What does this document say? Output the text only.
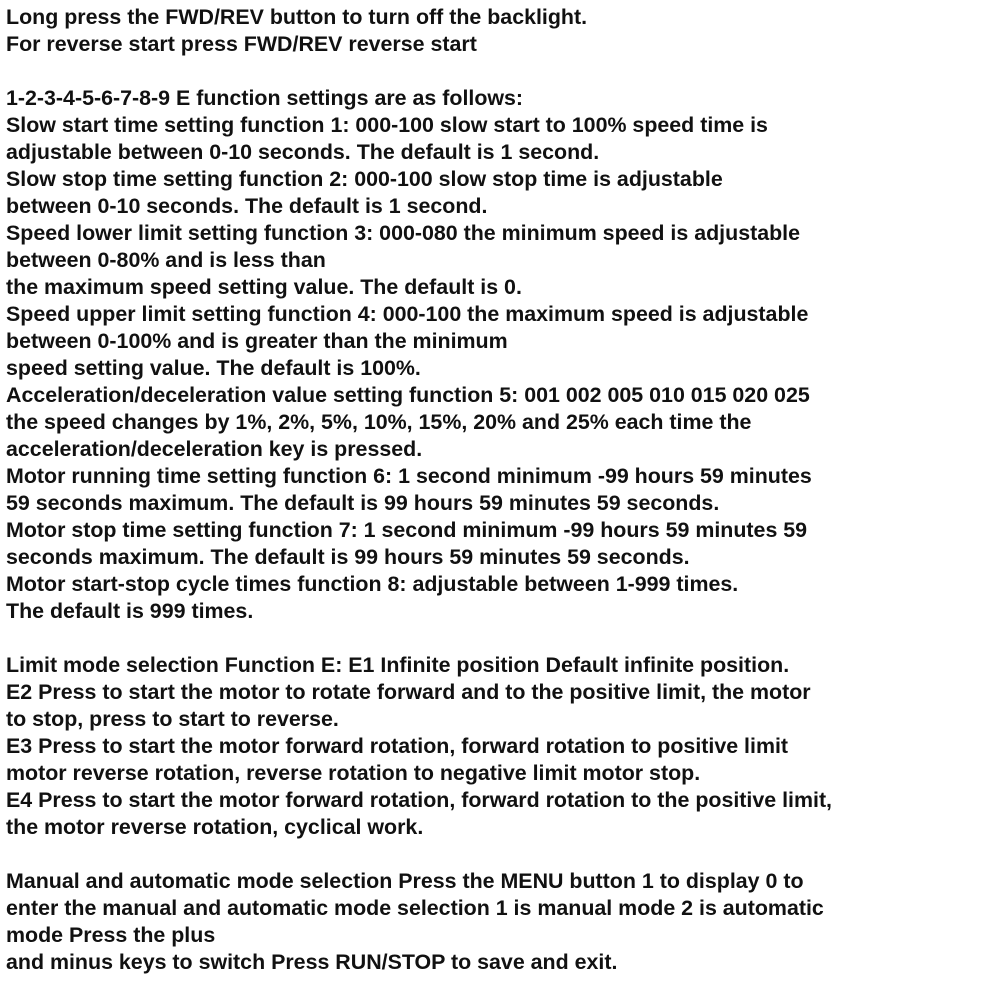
Long press the FWD/REV button to turn off the backlight.
For reverse start press FWD/REV reverse start
1-2-3-4-5-6-7-8-9 E function settings are as follows:
Slow start time setting function 1: 000-100 slow start to 100% speed time is
adjustable between 0-10 seconds. The default is 1 second.
Slow stop time setting function 2: 000-100 slow stop time is adjustable
between 0-10 seconds. The default is 1 second.
Speed lower limit setting function 3: 000-080 the minimum speed is adjustable
between 0-80% and is less than
the maximum speed setting value. The default is 0.
Speed upper limit setting function 4: 000-100 the maximum speed is adjustable
between 0-100% and is greater than the minimum
speed setting value. The default is 100%.
Acceleration/deceleration value setting function 5: 001 002 005 010 015 020 025
the speed changes by 1%, 2%, 5%, 10%, 15%, 20% and 25% each time the
acceleration/deceleration key is pressed.
Motor running time setting function 6: 1 second minimum -99 hours 59 minutes
59 seconds maximum. The default is 99 hours 59 minutes 59 seconds.
Motor stop time setting function 7: 1 second minimum -99 hours 59 minutes 59
seconds maximum. The default is 99 hours 59 minutes 59 seconds.
Motor start-stop cycle times function 8: adjustable between 1-999 times.
The default is 999 times.
Limit mode selection Function E: E1 Infinite position Default infinite position.
E2 Press to start the motor to rotate forward and to the positive limit, the motor
to stop, press to start to reverse.
E3 Press to start the motor forward rotation, forward rotation to positive limit
motor reverse rotation, reverse rotation to negative limit motor stop.
E4 Press to start the motor forward rotation, forward rotation to the positive limit,
the motor reverse rotation, cyclical work.
Manual and automatic mode selection Press the MENU button 1 to display 0 to
enter the manual and automatic mode selection 1 is manual mode 2 is automatic
mode Press the plus
and minus keys to switch Press RUN/STOP to save and exit.
